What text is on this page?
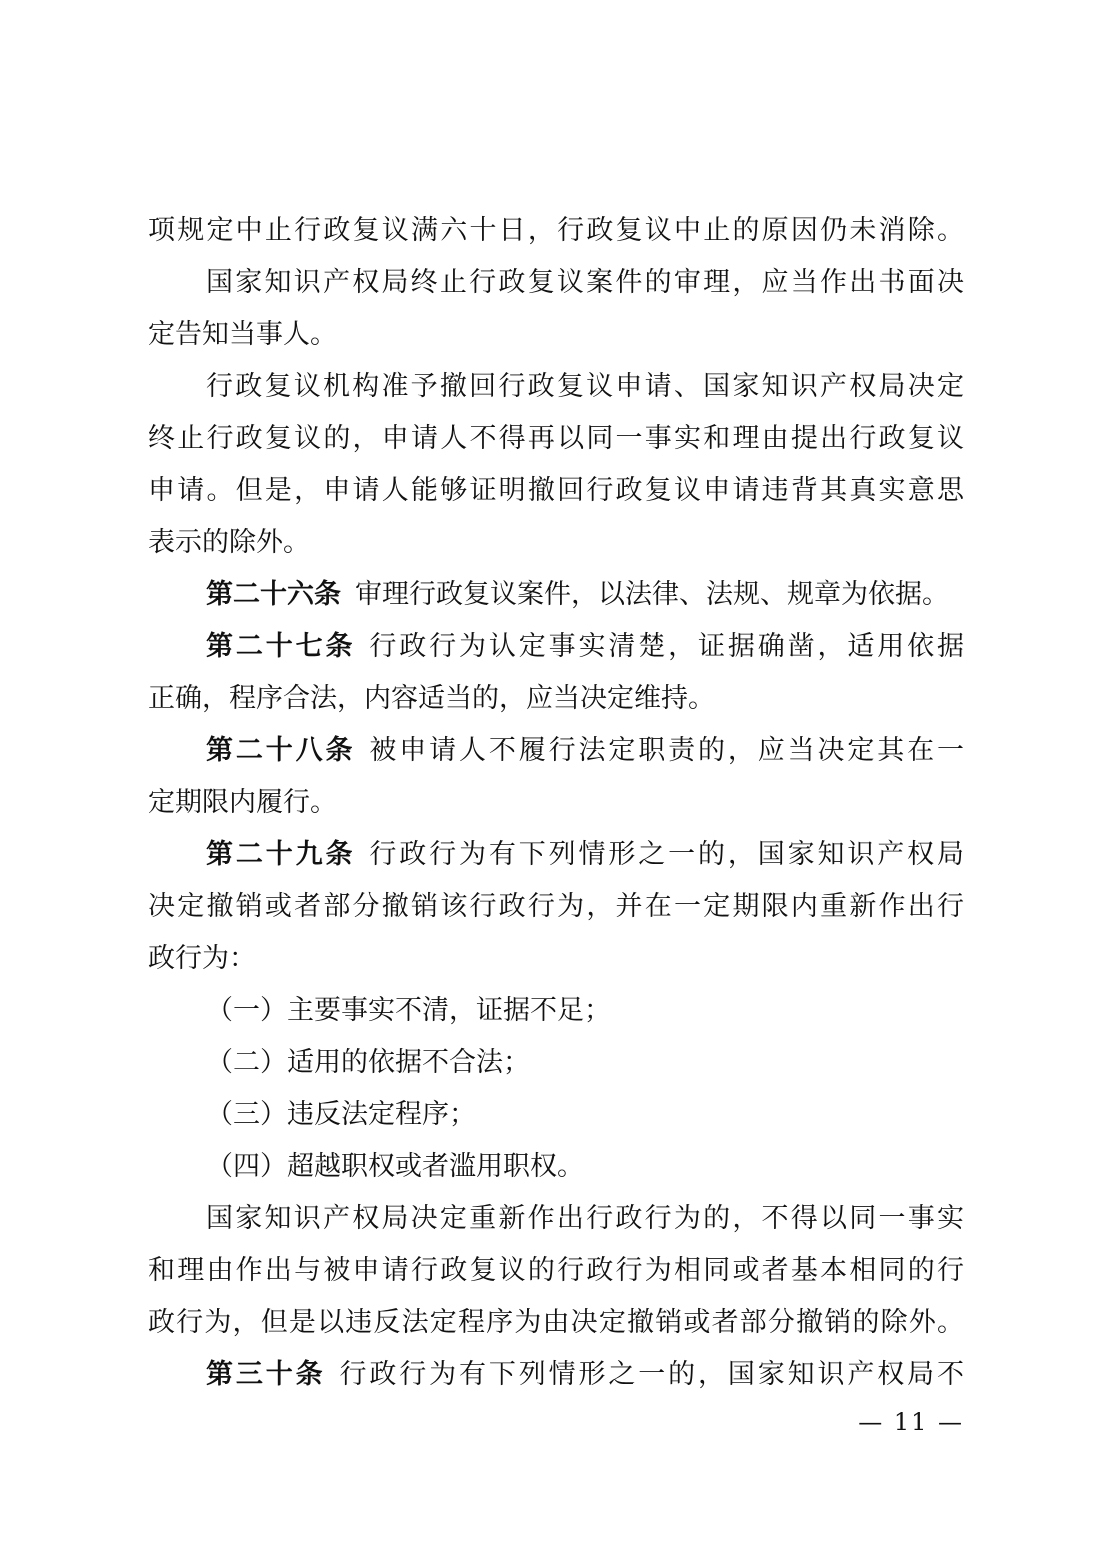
项规定中止行政复议满六十日，行政复议中止的原因仍未消除。
国家知识产权局终止行政复议案件的审理，应当作出书面决
定告知当事人。
行政复议机构准予撤回行政复议申请、国家知识产权局决定
终止行政复议的，申请人不得再以同一事实和理由提出行政复议
申请。但是，申请人能够证明撤回行政复议申请违背其真实意思
表示的除外。
第二十六条 审理行政复议案件，以法律、法规、规章为依据。
第二十七条 行政行为认定事实清楚，证据确凿，适用依据
正确，程序合法，内容适当的，应当决定维持。
第二十八条 被申请人不履行法定职责的，应当决定其在一
定期限内履行。
第二十九条 行政行为有下列情形之一的，国家知识产权局
决定撤销或者部分撤销该行政行为，并在一定期限内重新作出行
政行为：
（一）主要事实不清，证据不足；
（二）适用的依据不合法；
（三）违反法定程序；
（四）超越职权或者滥用职权。
国家知识产权局决定重新作出行政行为的，不得以同一事实
和理由作出与被申请行政复议的行政行为相同或者基本相同的行
政行为，但是以违反法定程序为由决定撤销或者部分撤销的除外。
第三十条 行政行为有下列情形之一的，国家知识产权局不
— 11 —
